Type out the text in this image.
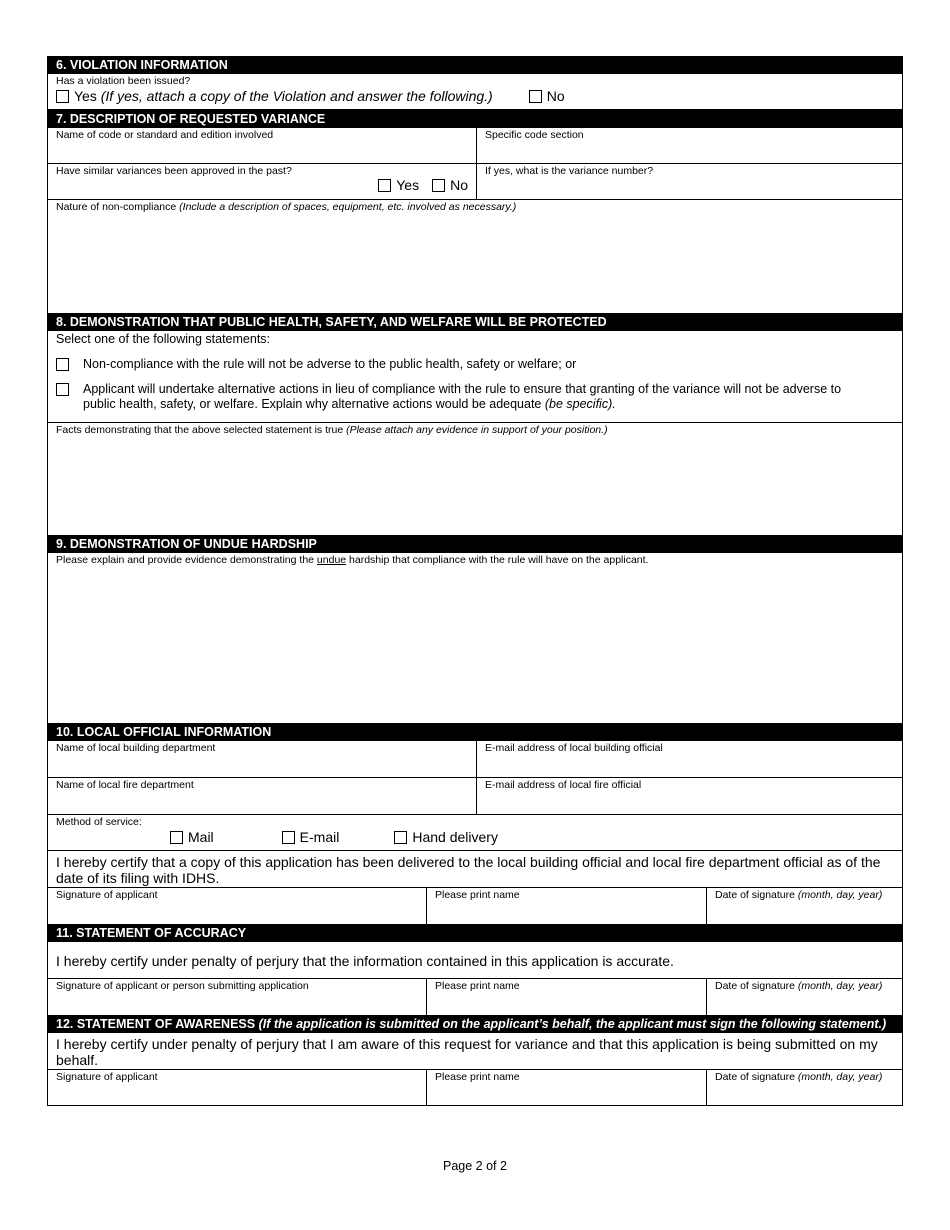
6. VIOLATION INFORMATION
Has a violation been issued?
Yes
(If yes, attach a copy of the Violation and answer the following.)	No
7. DESCRIPTION OF REQUESTED VARIANCE
Name of code or standard and edition involved	Specific code section
Have similar variances been approved in the past?
Yes No
If yes, what is the variance number?
Nature of non-compliance (Include a description of spaces, equipment, etc. involved as necessary.)
8. DEMONSTRATION THAT PUBLIC HEALTH, SAFETY, AND WELFARE WILL BE PROTECTED
Select one of the following statements:
Non-compliance with the rule will not be adverse to the public health, safety or welfare; or
Applicant will undertake alternative actions in lieu of compliance with the rule to ensure that granting of the variance will not be adverse to public health, safety, or welfare. Explain why alternative actions would be adequate (be specific).
Facts demonstrating that the above selected statement is true (Please attach any evidence in support of your position.)
9. DEMONSTRATION OF UNDUE HARDSHIP
Please explain and provide evidence demonstrating the undue hardship that compliance with the rule will have on the applicant.
10. LOCAL OFFICIAL INFORMATION
Name of local building department	E-mail address of local building official
Name of local fire department	E-mail address of local fire official
Method of service:
Mail	E-mail	Hand delivery
I hereby certify that a copy of this application has been delivered to the local building official and local fire department official as of the date of its filing with IDHS.
Signature of applicant	Please print name	Date of signature (month, day, year)
11. STATEMENT OF ACCURACY
I hereby certify under penalty of perjury that the information contained in this application is accurate.
Signature of applicant or person submitting application	Please print name	Date of signature (month, day, year)
12. STATEMENT OF AWARENESS (If the application is submitted on the applicant’s behalf, the applicant must sign the following statement.)
I hereby certify under penalty of perjury that I am aware of this request for variance and that this application is being submitted on my behalf.
Signature of applicant	Please print name	Date of signature (month, day, year)
Page 2 of 2
